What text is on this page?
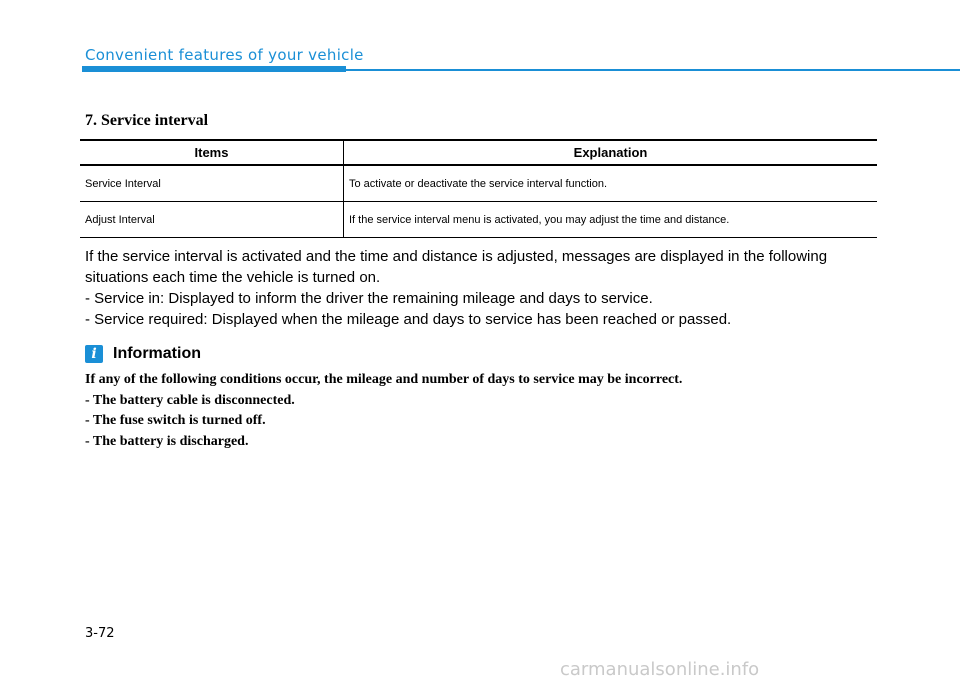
Convenient features of your vehicle
7. Service interval
Items	Explanation
Service Interval	To activate or deactivate the service interval function.
Adjust Interval	If the service interval menu is activated, you may adjust the time and distance.
If the service interval is activated and the time and distance is adjusted, messages are displayed in the following
situations each time the vehicle is turned on.
- Service in: Displayed to inform the driver the remaining mileage and days to service.
- Service required: Displayed when the mileage and days to service has been reached or passed.
i	Information
If any of the following conditions occur, the mileage and number of days to service may be incorrect.
- The battery cable is disconnected.
- The fuse switch is turned off.
- The battery is discharged.
3-72
carmanualsonline.info
